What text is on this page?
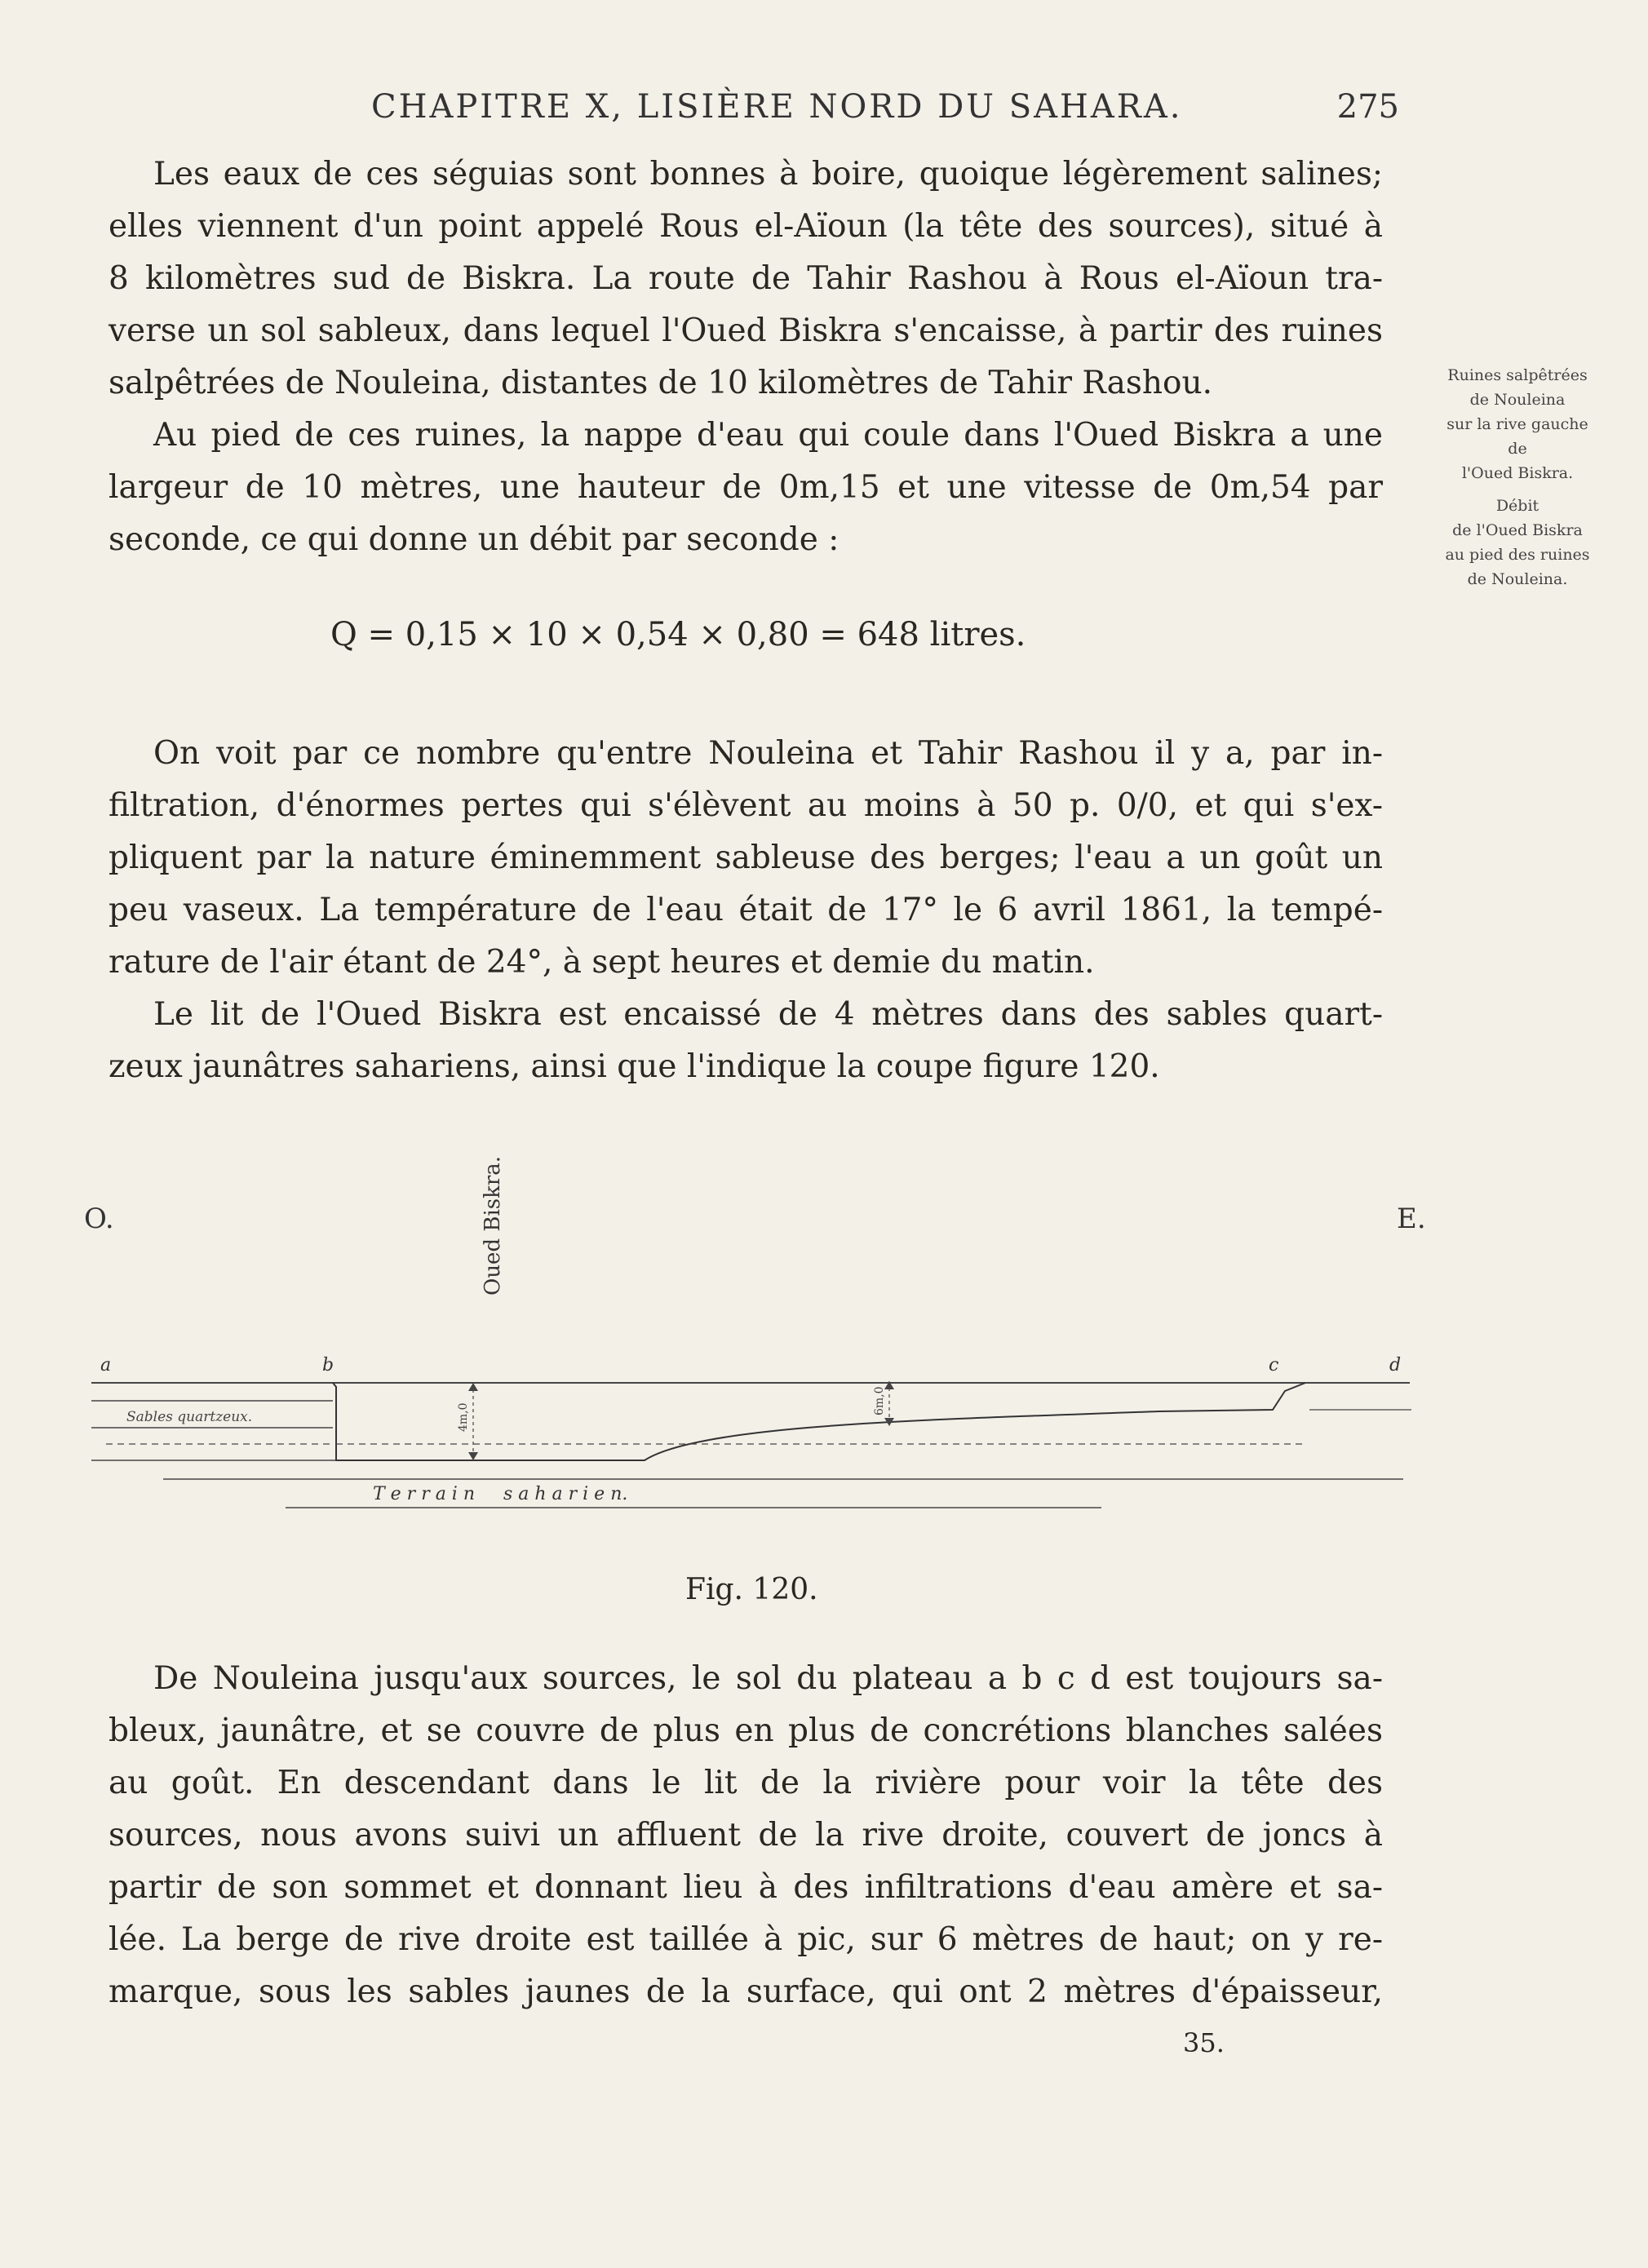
CHAPITRE X, LISIÈRE NORD DU SAHARA.	275
Les eaux de ces séguias sont bonnes à boire, quoique légèrement salines;
elles viennent d'un point appelé Rous el-Aïoun (la tête des sources), situé à
8 kilomètres sud de Biskra. La route de Tahir Rashou à Rous el-Aïoun tra-
verse un sol sableux, dans lequel l'Oued Biskra s'encaisse, à partir des ruines
salpêtrées de Nouleina, distantes de 10 kilomètres de Tahir Rashou.
Au pied de ces ruines, la nappe d'eau qui coule dans l'Oued Biskra a une
largeur de 10 mètres, une hauteur de 0m,15 et une vitesse de 0m,54 par
seconde, ce qui donne un débit par seconde :
Q = 0,15 × 10 × 0,54 × 0,80 = 648 litres.
On voit par ce nombre qu'entre Nouleina et Tahir Rashou il y a, par in-
filtration, d'énormes pertes qui s'élèvent au moins à 50 p. 0/0, et qui s'ex-
pliquent par la nature éminemment sableuse des berges; l'eau a un goût un
peu vaseux. La température de l'eau était de 17° le 6 avril 1861, la tempé-
rature de l'air étant de 24°, à sept heures et demie du matin.
Le lit de l'Oued Biskra est encaissé de 4 mètres dans des sables quart-
zeux jaunâtres sahariens, ainsi que l'indique la coupe figure 120.
Ruines salpêtrées
de Nouleina
sur la rive gauche
de
l'Oued Biskra.
Débit
de l'Oued Biskra
au pied des ruines
de Nouleina.
O.	E.
Oued Biskra.
a	b	c	d
Sables quartzeux.	4m,0
6m,0
T e r r a i n     s a h a r i e n.
Fig. 120.
De Nouleina jusqu'aux sources, le sol du plateau a b c d est toujours sa-
bleux, jaunâtre, et se couvre de plus en plus de concrétions blanches salées
au goût. En descendant dans le lit de la rivière pour voir la tête des
sources, nous avons suivi un affluent de la rive droite, couvert de joncs à
partir de son sommet et donnant lieu à des infiltrations d'eau amère et sa-
lée. La berge de rive droite est taillée à pic, sur 6 mètres de haut; on y re-
marque, sous les sables jaunes de la surface, qui ont 2 mètres d'épaisseur,
35.
